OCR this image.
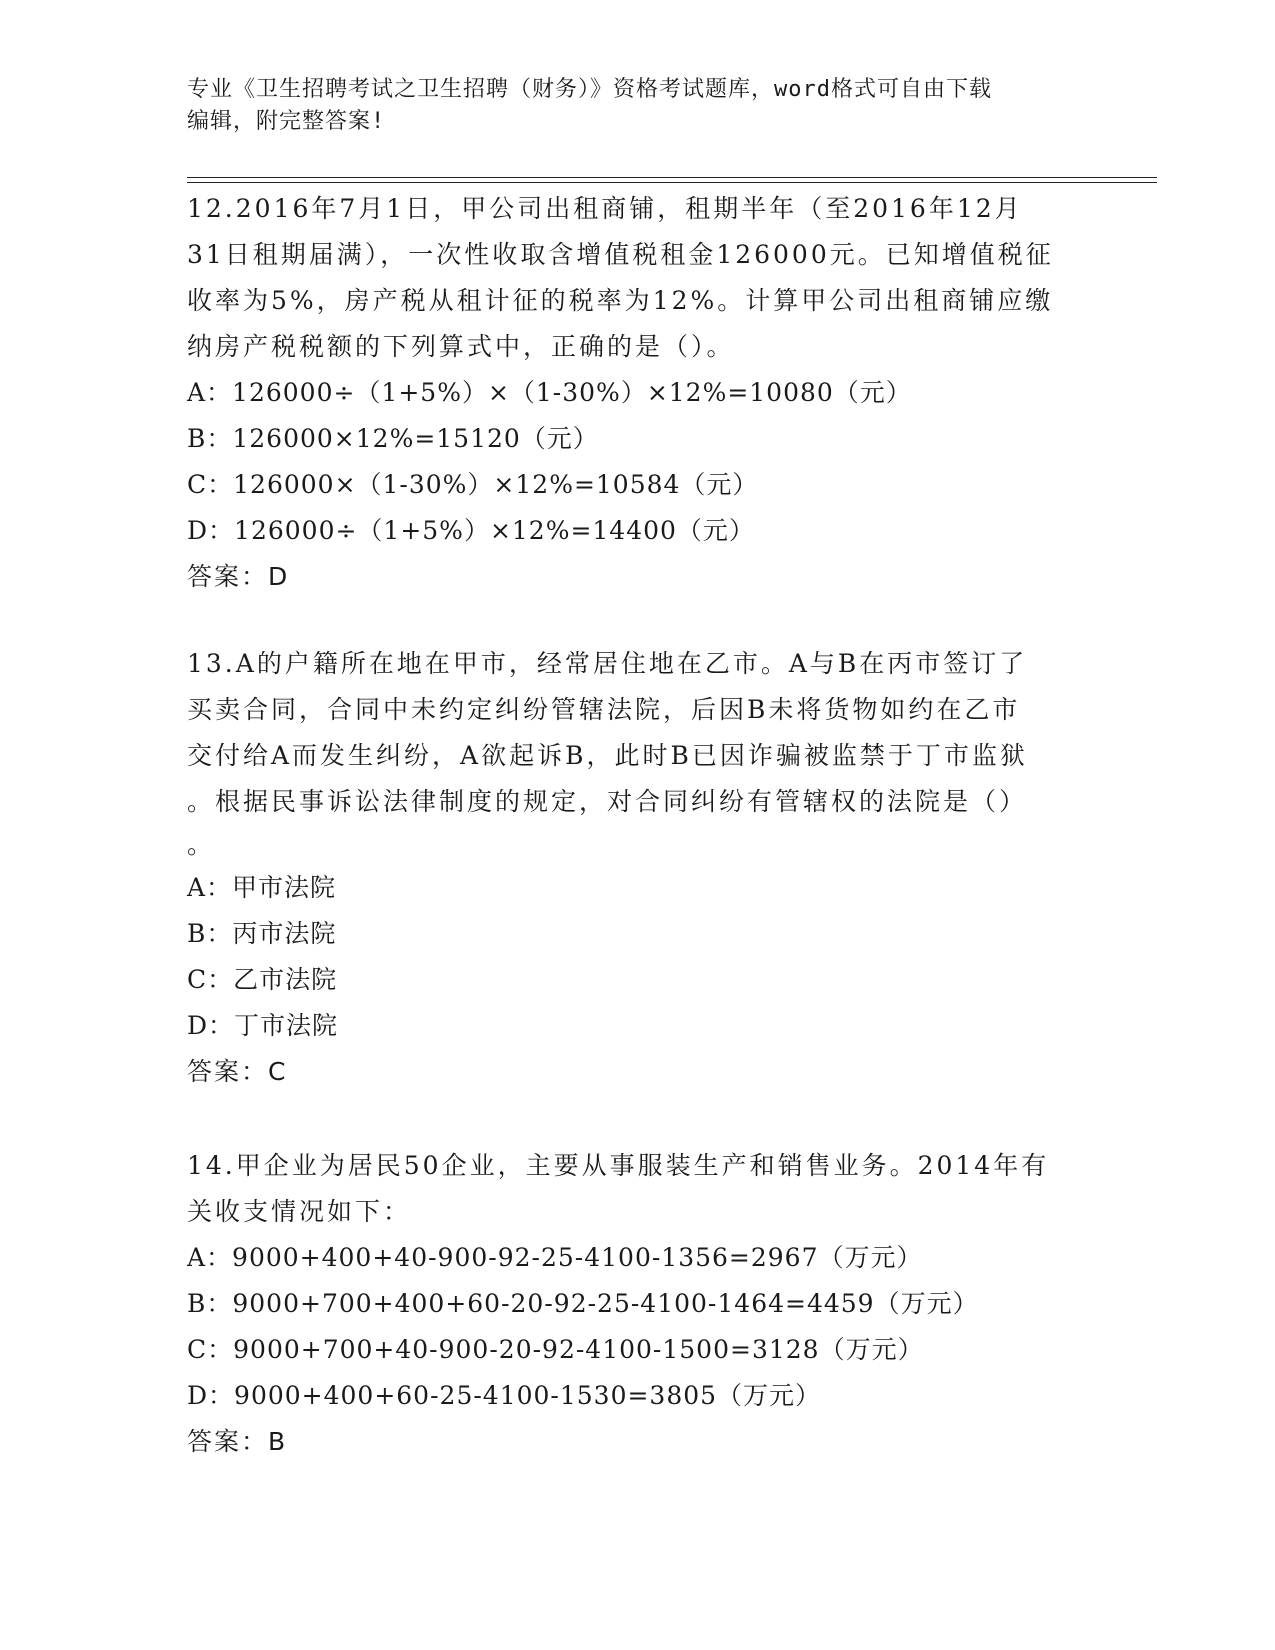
专业《卫生招聘考试之卫生招聘（财务）》资格考试题库，word格式可自由下载
编辑，附完整答案!
12.2016年7月1日，甲公司出租商铺，租期半年（至2016年12月
31日租期届满），一次性收取含增值税租金126000元。已知增值税征
收率为5%，房产税从租计征的税率为12%。计算甲公司出租商铺应缴
纳房产税税额的下列算式中，正确的是（）。
A：126000÷（1+5%）×（1-30%）×12%=10080（元）
B：126000×12%=15120（元）
C：126000×（1-30%）×12%=10584（元）
D：126000÷（1+5%）×12%=14400（元）
答案：D
13.A的户籍所在地在甲市，经常居住地在乙市。A与B在丙市签订了
买卖合同，合同中未约定纠纷管辖法院，后因B未将货物如约在乙市
交付给A而发生纠纷，A欲起诉B，此时B已因诈骗被监禁于丁市监狱
。根据民事诉讼法律制度的规定，对合同纠纷有管辖权的法院是（）
。
A：甲市法院
B：丙市法院
C：乙市法院
D：丁市法院
答案：C
14.甲企业为居民50企业，主要从事服装生产和销售业务。2014年有
关收支情况如下：
A：9000+400+40-900-92-25-4100-1356=2967（万元）
B：9000+700+400+60-20-92-25-4100-1464=4459（万元）
C：9000+700+40-900-20-92-4100-1500=3128（万元）
D：9000+400+60-25-4100-1530=3805（万元）
答案：B
